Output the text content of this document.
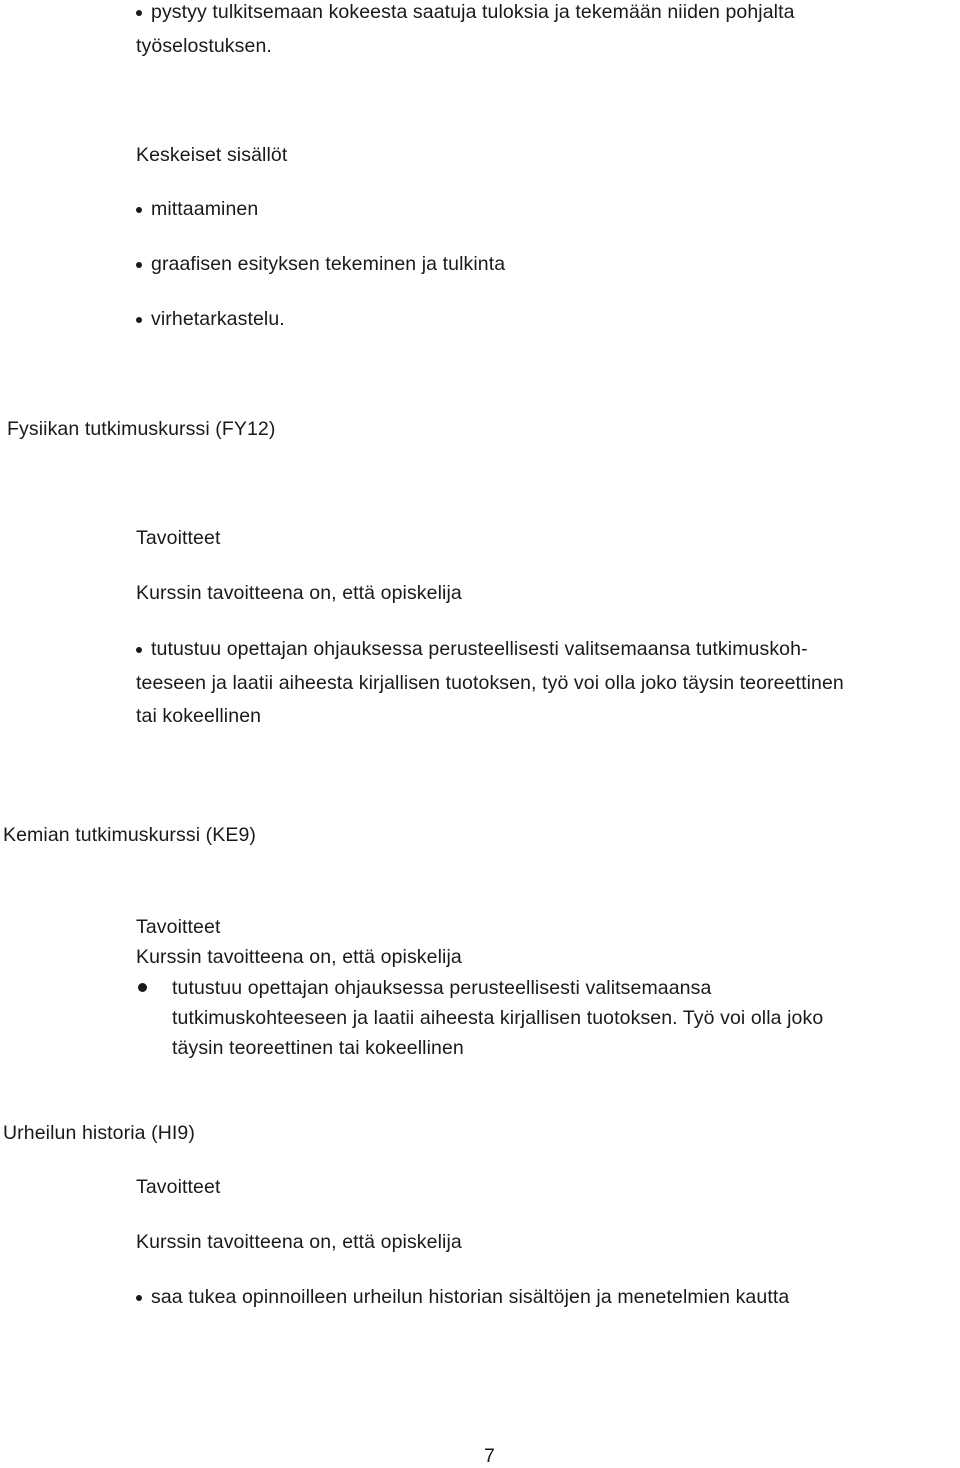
pystyy tulkitsemaan kokeesta saatuja tuloksia ja tekemään niiden pohjalta
työselostuksen.
Keskeiset sisällöt
mittaaminen
graafisen esityksen tekeminen ja tulkinta
virhetarkastelu.
Fysiikan tutkimuskurssi (FY12)
Tavoitteet
Kurssin tavoitteena on, että opiskelija
tutustuu opettajan ohjauksessa perusteellisesti valitsemaansa tutkimuskoh-
teeseen ja laatii aiheesta kirjallisen tuotoksen, työ voi olla joko täysin teoreettinen
tai kokeellinen
Kemian tutkimuskurssi (KE9)
Tavoitteet
Kurssin tavoitteena on, että opiskelija
tutustuu opettajan ohjauksessa perusteellisesti valitsemaansa
tutkimuskohteeseen ja laatii aiheesta kirjallisen tuotoksen. Työ voi olla joko
täysin teoreettinen tai kokeellinen
Urheilun historia (HI9)
Tavoitteet
Kurssin tavoitteena on, että opiskelija
saa tukea opinnoilleen urheilun historian sisältöjen ja menetelmien kautta
7
